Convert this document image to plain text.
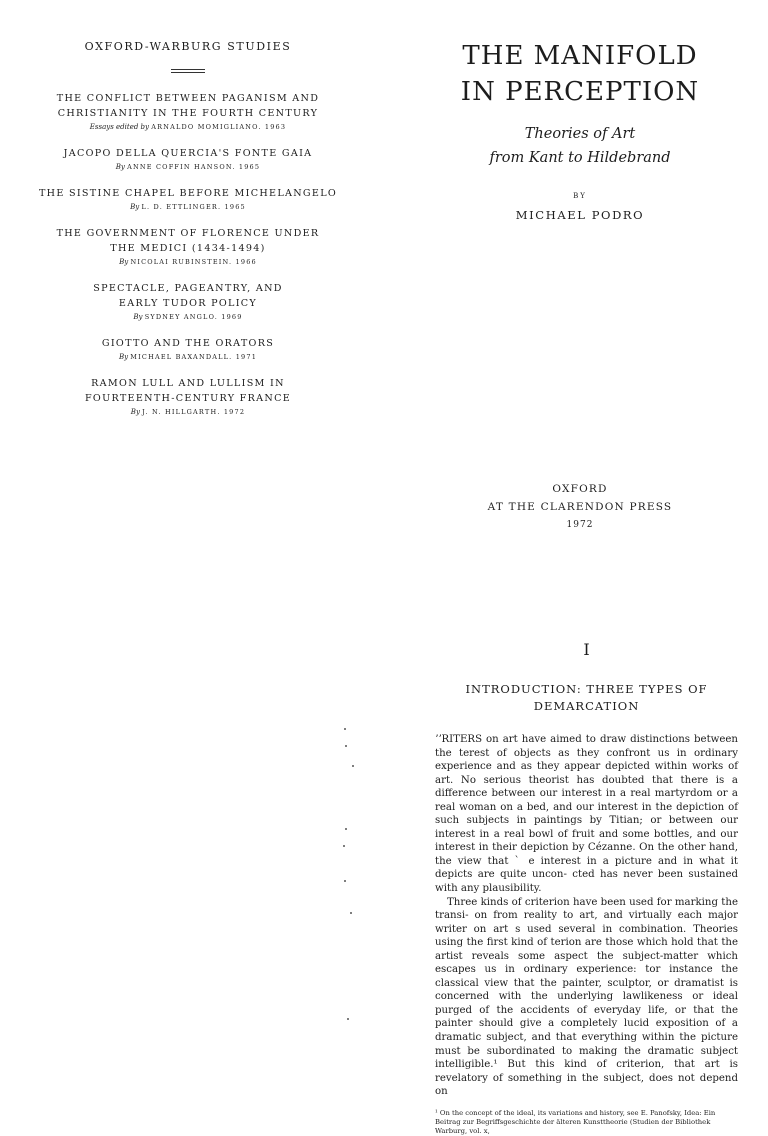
OXFORD-WARBURG STUDIES
THE CONFLICT BETWEEN PAGANISM AND
CHRISTIANITY IN THE FOURTH CENTURY
Essays edited by ARNALDO MOMIGLIANO. 1963
JACOPO DELLA QUERCIA'S FONTE GAIA
By ANNE COFFIN HANSON. 1965
THE SISTINE CHAPEL BEFORE MICHELANGELO
By L. D. ETTLINGER. 1965
THE GOVERNMENT OF FLORENCE UNDER
THE MEDICI (1434-1494)
By NICOLAI RUBINSTEIN. 1966
SPECTACLE, PAGEANTRY, AND
EARLY TUDOR POLICY
By SYDNEY ANGLO. 1969
GIOTTO AND THE ORATORS
By MICHAEL BAXANDALL. 1971
RAMON LULL AND LULLISM IN
FOURTEENTH-CENTURY FRANCE
By J. N. HILLGARTH. 1972
THE MANIFOLD
IN PERCEPTION
Theories of Art
from Kant to Hildebrand
BY
MICHAEL PODRO
OXFORD
AT THE CLARENDON PRESS
1972
I
INTRODUCTION: THREE TYPES OF
DEMARCATION

ʼʼRITERS on art have aimed to draw distinctions between the terest of objects as they confront us in ordinary experience and as they appear depicted within works of art. No serious theorist has doubted that there is a difference between our interest in a real martyrdom or a real woman on a bed, and our interest in the depiction of such subjects in paintings by Titian; or between our interest in a real bowl of fruit and some bottles, and our interest in their depiction by Cézanne. On the other hand, the view that ˋ e interest in a picture and in what it depicts are quite uncon- cted has never been sustained with any plausibility.

Three kinds of criterion have been used for marking the transi- on from reality to art, and virtually each major writer on art s used several in combination. Theories using the first kind of terion are those which hold that the artist reveals some aspect the subject-matter which escapes us in ordinary experience: tor instance the classical view that the painter, sculptor, or dramatist is concerned with the underlying lawlikeness or ideal purged of the accidents of everyday life, or that the painter should give a completely lucid exposition of a dramatic subject, and that everything within the picture must be subordinated to making the dramatic subject intelligible.¹ But this kind of criterion, that art is revelatory of something in the subject, does not depend on

¹ On the concept of the ideal, its variations and history, see E. Panofsky, Idea: Ein Beitrag zur Begriffsgeschichte der älteren Kunsttheorie (Studien der Bibliothek Warburg, vol. x,
